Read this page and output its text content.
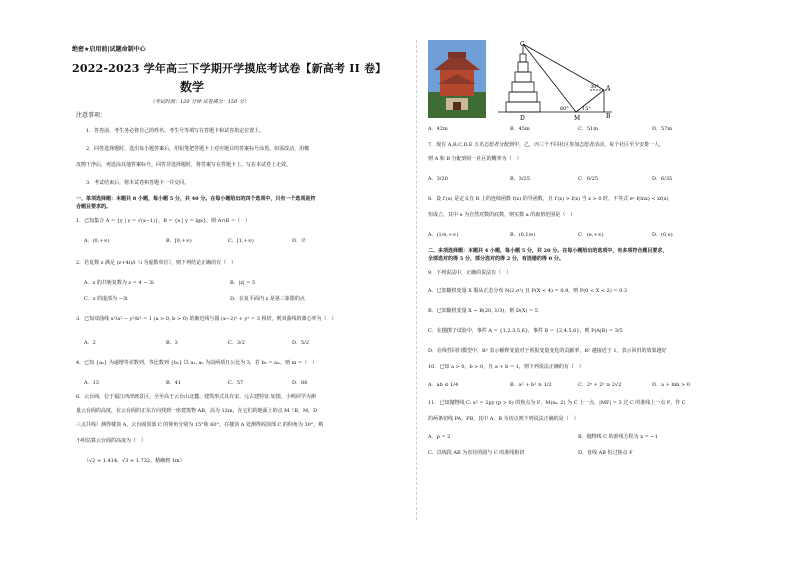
绝密★启用前|试题命制中心
2022-2023 学年高三下学期开学摸底考试卷【新高考 II 卷】
数学
（考试时间：120 分钟 试卷满分：150 分）
注意事项：
1．答卷前，考生务必将自己的姓名、考生号等填写在答题卡和试卷指定位置上。
2．回答选择题时，选出每小题答案后，用铅笔把答题卡上对应题目的答案标号涂黑。如需改动，用橡
皮擦干净后，再选涂其他答案标号。回答非选择题时，将答案写在答题卡上。写在本试卷上无效。
3．考试结束后，将本试卷和答题卡一并交回。
一、单项选择题：本题共 8 小题，每小题 5 分，共 40 分。在每小题给出的四个选项中，只有一个选项是符
合题目要求的。
1．已知集合 A = {y | y = √(x−1)}，B = {x | y = lgx}，则 A∩B =（　）
A．(0,+∞)	B．[0,+∞)	C．[1,+∞)	D．∅
2．若复数 z 满足 (z+4i)/i（i 为虚数单位），则下列结论正确的有（　）
A．z 的共轭复数为 z = 4 − 3i	B．|z| = 5
C．z 的虚部为 −3i	D．在复平面内 z 是第三象限的点
3．已知双曲线 x²/a² − y²/b² = 1 (a > 0, b > 0) 的渐近线与圆 (x−2)² + y² = 3 相切，则双曲线的离心率为（　）
A．2	B．3	C．3/2	D．5/2
4．已知 {aₙ} 为递增等差数列，等比数列 {bₙ} 以 a₁, a₅ 为前两项且公比为 3，若 b₆ = aₘ，则 m =（　）
A．13	B．41	C．57	D．86
6．云台阁，位于福江西津渡景区，全至高于云台山北麓，建筑形式具有宋、元古建特征.如图，小明同学为测
量云台阁的高度，在云台阁的正东方向找到一座建筑物 AB，高为 12m，在它们的地面上的点 M（B，M，D
三点共线）测得楼顶 A，云台阁顶部 C 的仰角分别为 15°和 60°，在楼顶 A 处测得阁顶部 C 的仰角为 30°，则
小明估算云台阁的高度为（　）
（√2 ≈ 1.414，√3 ≈ 1.732，精确到 1m）
C
A
B
D	M
30°
60°	15°
A．42m	B．45m	C．51m	D．57m
7．现有 A,B,C,D,E 五名志愿者分配到甲，乙，丙三个不同社区参加志愿者活动，每个社区至少安排一人，
则 A 和 B 分配到同一社区的概率为（　）
A．3/20	B．3/25	C．6/25	D．6/35
8．设 f′(x) 是定义在 R 上的连续函数 f(x) 的导函数，且 f′(x) > f(x) 当 x > 0 时，不等式 eˣ f(lnx) < xf(x)
恒成立，其中 e 为自然对数的底数，则实数 a 的取值范围是（　）
A．(1/e,+∞)	B．(0,1/e)	C．(e,+∞)	D．(0,e)
二、多项选择题：本题共 4 小题，每小题 5 分，共 20 分。在每小题给出的选项中，有多项符合题目要求，
全部选对的得 5 分，部分选对的得 2 分，有选错的得 0 分。
9．下列说法中，正确的说法有（　）
A．已知随机变量 X 服从正态分布 N(2,σ²) 且 P(X < 4) = 0.9，则 P(0 < X < 2) = 0.3
B．已知随机变量 X ~ B(20, 1/3)，则 D(X) = 5
C．在抛掷子试验中，事件 A = {1,2,3,5,6}，事件 B = {2,4,5,6}，则 P(A|B) = 3/5
D．在线性回归模型中，R² 表示解释变量对于预报变量变化的贡献率，R² 越接近于 1，表示回归的效果越好
10．已知 a > 0，b > 0，且 a + b = 1，则下列说法正确的有（　）
A．ab ≤ 1/4	B．a² + b² ≥ 1/2	C．2ᵃ + 2ᵇ ≥ 2√2	D．a + lnb > 0
11．已知抛物线 C: x² = 2py (p > 0) 的焦点为 F，M(x₀, 2) 为 C 上一点，|MF| = 3 过 C 的准线上一点 P，作 C
的两条切线 PA，PB，其中 A，B 为切点则下列说法正确的是（　）
A．p = 2	B．抛物线 C 的准线方程为 x = −1
C．以线段 AB 为直径的圆与 C 的准线相切	D．直线 AB 恒过焦点 F
